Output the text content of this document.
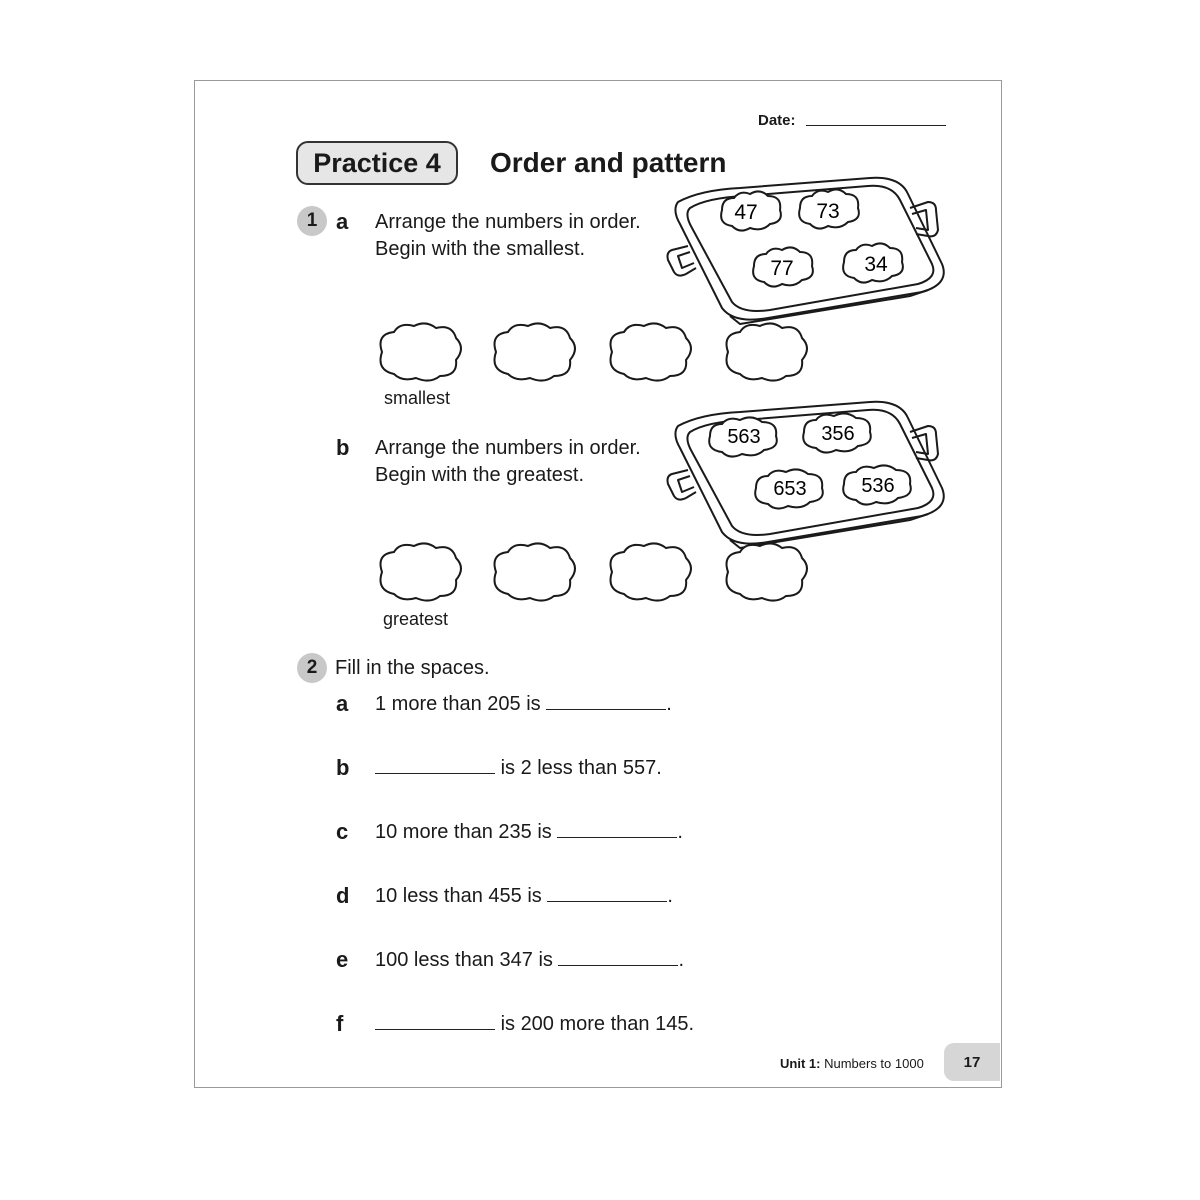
Date:
Practice 4 Order and pattern
1 a Arrange the numbers in order.
Begin with the smallest.
47	73
77	34
smallest
b Arrange the numbers in order.
Begin with the greatest.
563	356
653	536
greatest
2 Fill in the spaces.
a 1 more than 205 is	.
b	is 2 less than 557.
c 10 more than 235 is	.
d 10 less than 455 is	.
e 100 less than 347 is	.
f	is 200 more than 145.
Unit 1: Numbers to 1000	17
